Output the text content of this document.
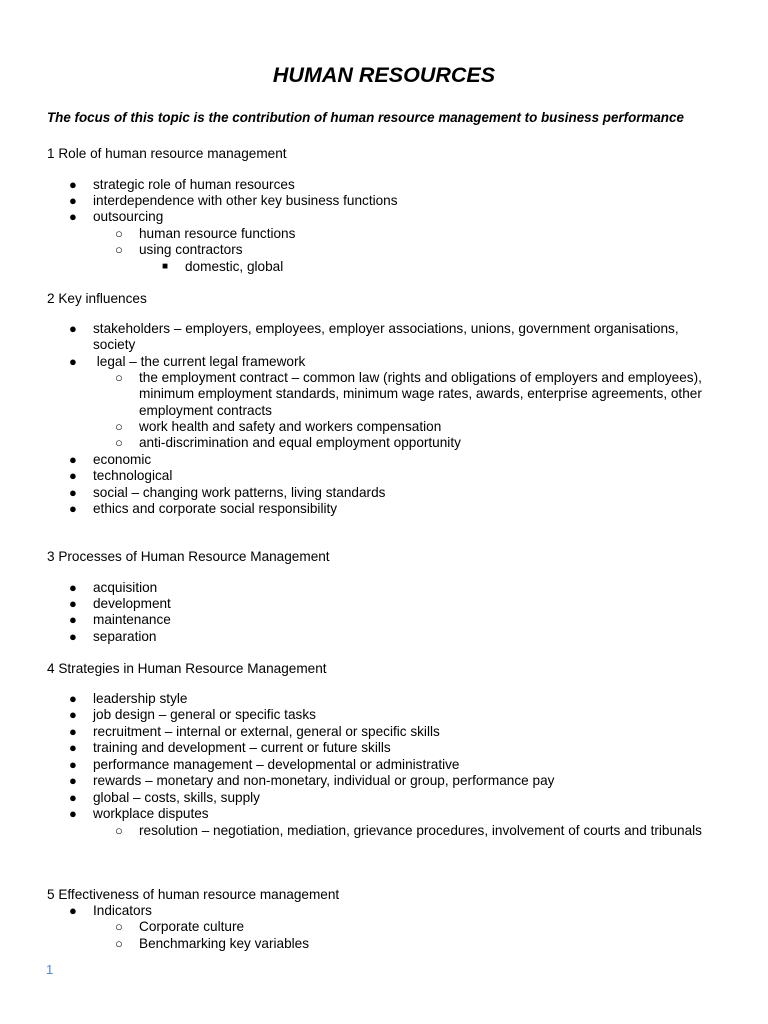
HUMAN RESOURCES
The focus of this topic is the contribution of human resource management to business performance
1 Role of human resource management
● strategic role of human resources
● interdependence with other key business functions
● outsourcing
○ human resource functions
○ using contractors
■ domestic, global
2 Key influences
● stakeholders – employers, employees, employer associations, unions, government organisations, society
● legal – the current legal framework
○ the employment contract – common law (rights and obligations of employers and employees), minimum employment standards, minimum wage rates, awards, enterprise agreements, other employment contracts
○ work health and safety and workers compensation
○ anti-discrimination and equal employment opportunity
● economic
● technological
● social – changing work patterns, living standards
● ethics and corporate social responsibility
3 Processes of Human Resource Management
● acquisition
● development
● maintenance
● separation
4 Strategies in Human Resource Management
● leadership style
● job design – general or specific tasks
● recruitment – internal or external, general or specific skills
● training and development – current or future skills
● performance management – developmental or administrative
● rewards – monetary and non-monetary, individual or group, performance pay
● global – costs, skills, supply
● workplace disputes
○ resolution – negotiation, mediation, grievance procedures, involvement of courts and tribunals
5 Effectiveness of human resource management
● Indicators
○ Corporate culture
○ Benchmarking key variables
1
